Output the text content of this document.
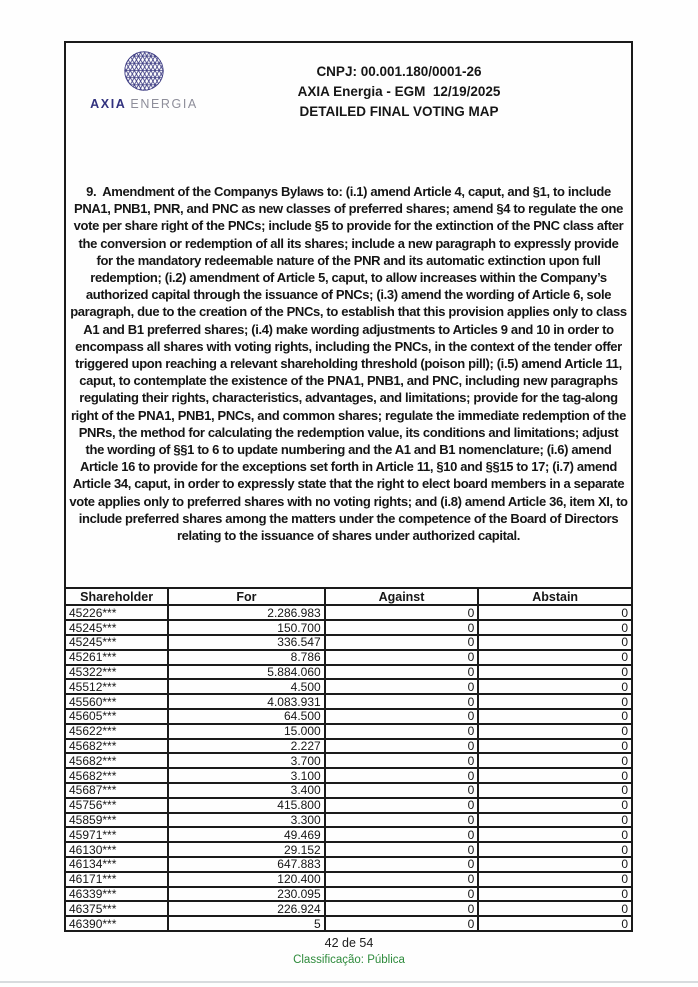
AXIA ENERGIA
CNPJ: 00.001.180/0001-26
AXIA Energia - EGM  12/19/2025
DETAILED FINAL VOTING MAP

9.  Amendment of the Companys Bylaws to: (i.1) amend Article 4, caput, and §1, to include PNA1, PNB1, PNR, and PNC as new classes of preferred shares; amend §4 to regulate the one vote per share right of the PNCs; include §5 to provide for the extinction of the PNC class after the conversion or redemption of all its shares; include a new paragraph to expressly provide for the mandatory redeemable nature of the PNR and its automatic extinction upon full redemption; (i.2) amendment of Article 5, caput, to allow increases within the Company’s authorized capital through the issuance of PNCs; (i.3) amend the wording of Article 6, sole paragraph, due to the creation of the PNCs, to establish that this provision applies only to class A1 and B1 preferred shares; (i.4) make wording adjustments to Articles 9 and 10 in order to encompass all shares with voting rights, including the PNCs, in the context of the tender offer triggered upon reaching a relevant shareholding threshold (poison pill); (i.5) amend Article 11, caput, to contemplate the existence of the PNA1, PNB1, and PNC, including new paragraphs regulating their rights, characteristics, advantages, and limitations; provide for the tag-along right of the PNA1, PNB1, PNCs, and common shares; regulate the immediate redemption of the PNRs, the method for calculating the redemption value, its conditions and limitations; adjust the wording of §§1 to 6 to update numbering and the A1 and B1 nomenclature; (i.6) amend Article 16 to provide for the exceptions set forth in Article 11, §10 and §§15 to 17; (i.7) amend Article 34, caput, in order to expressly state that the right to elect board members in a separate vote applies only to preferred shares with no voting rights; and (i.8) amend Article 36, item XI, to include preferred shares among the matters under the competence of the Board of Directors relating to the issuance of shares under authorized capital.

Shareholder	For	Against	Abstain
45226***	2.286.983	0	0
45245***	150.700	0	0
45245***	336.547	0	0
45261***	8.786	0	0
45322***	5.884.060	0	0
45512***	4.500	0	0
45560***	4.083.931	0	0
45605***	64.500	0	0
45622***	15.000	0	0
45682***	2.227	0	0
45682***	3.700	0	0
45682***	3.100	0	0
45687***	3.400	0	0
45756***	415.800	0	0
45859***	3.300	0	0
45971***	49.469	0	0
46130***	29.152	0	0
46134***	647.883	0	0
46171***	120.400	0	0
46339***	230.095	0	0
46375***	226.924	0	0
46390***	5	0	0
42 de 54
Classificação: Pública
